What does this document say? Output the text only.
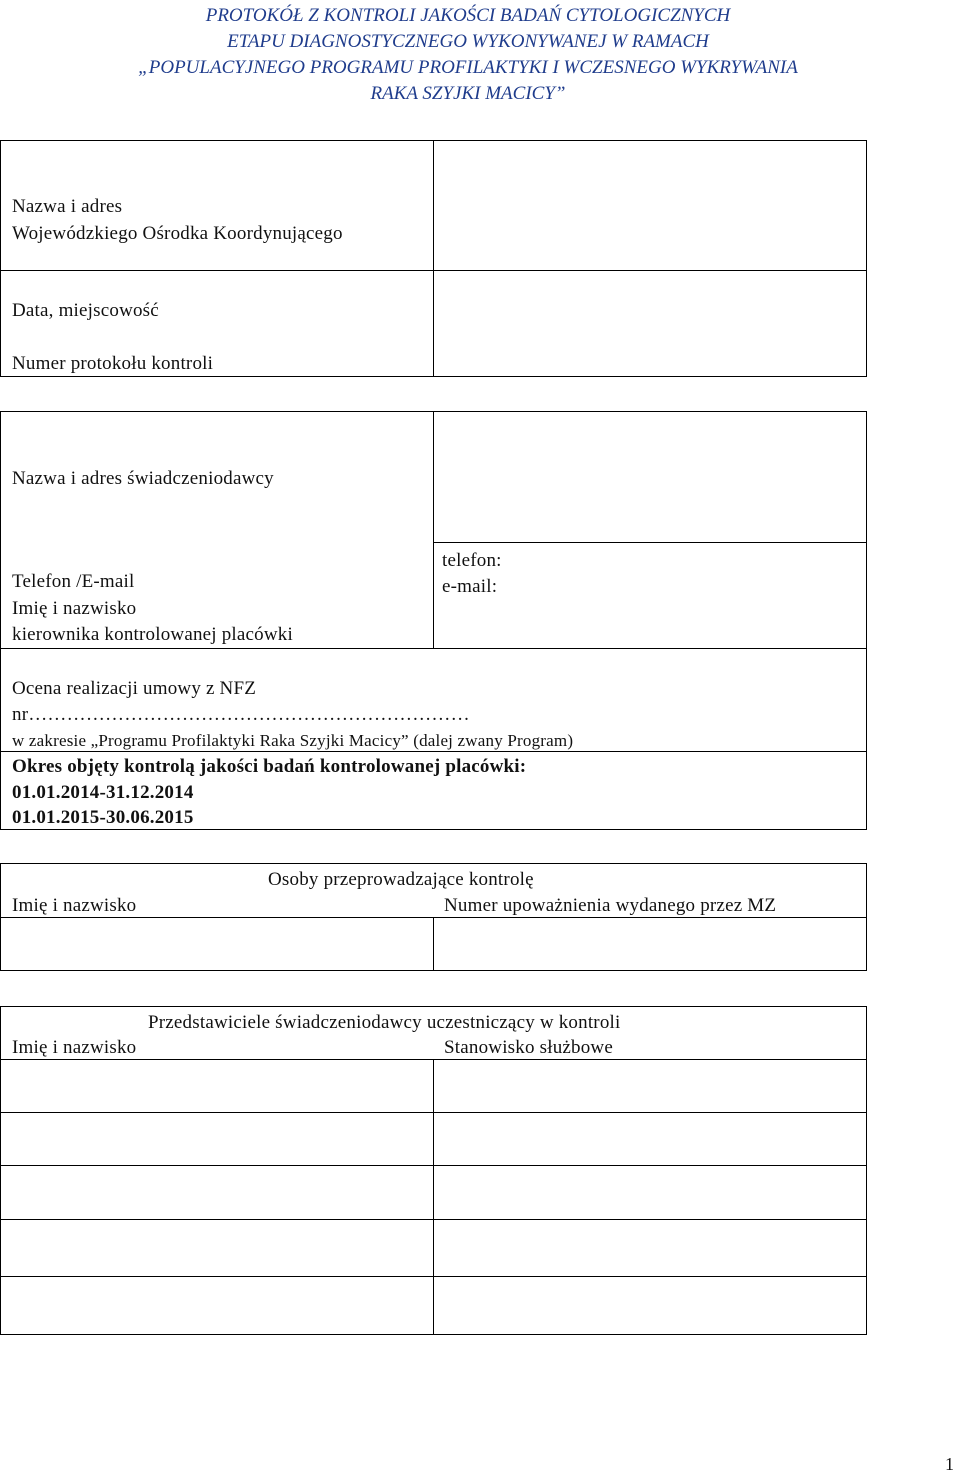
PROTOKÓŁ Z KONTROLI JAKOŚCI BADAŃ CYTOLOGICZNYCH
ETAPU DIAGNOSTYCZNEGO WYKONYWANEJ W RAMACH
„POPULACYJNEGO PROGRAMU PROFILAKTYKI I WCZESNEGO WYKRYWANIA
RAKA SZYJKI MACICY”
Nazwa i adres
Wojewódzkiego Ośrodka Koordynującego
Data, miejscowość
Numer protokołu kontroli
Nazwa i adres świadczeniodawcy
Telefon /E-mail
Imię i nazwisko
kierownika kontrolowanej placówki
telefon:
e-mail:
Ocena realizacji umowy z NFZ
nr……………………………………………………………
w zakresie „Programu Profilaktyki Raka Szyjki Macicy” (dalej zwany Program)
Okres objęty kontrolą jakości badań kontrolowanej placówki:
01.01.2014-31.12.2014
01.01.2015-30.06.2015
Osoby przeprowadzające kontrolę
Imię i nazwisko	Numer upoważnienia wydanego przez MZ
Przedstawiciele świadczeniodawcy uczestniczący w kontroli
Imię i nazwisko	Stanowisko służbowe
1
